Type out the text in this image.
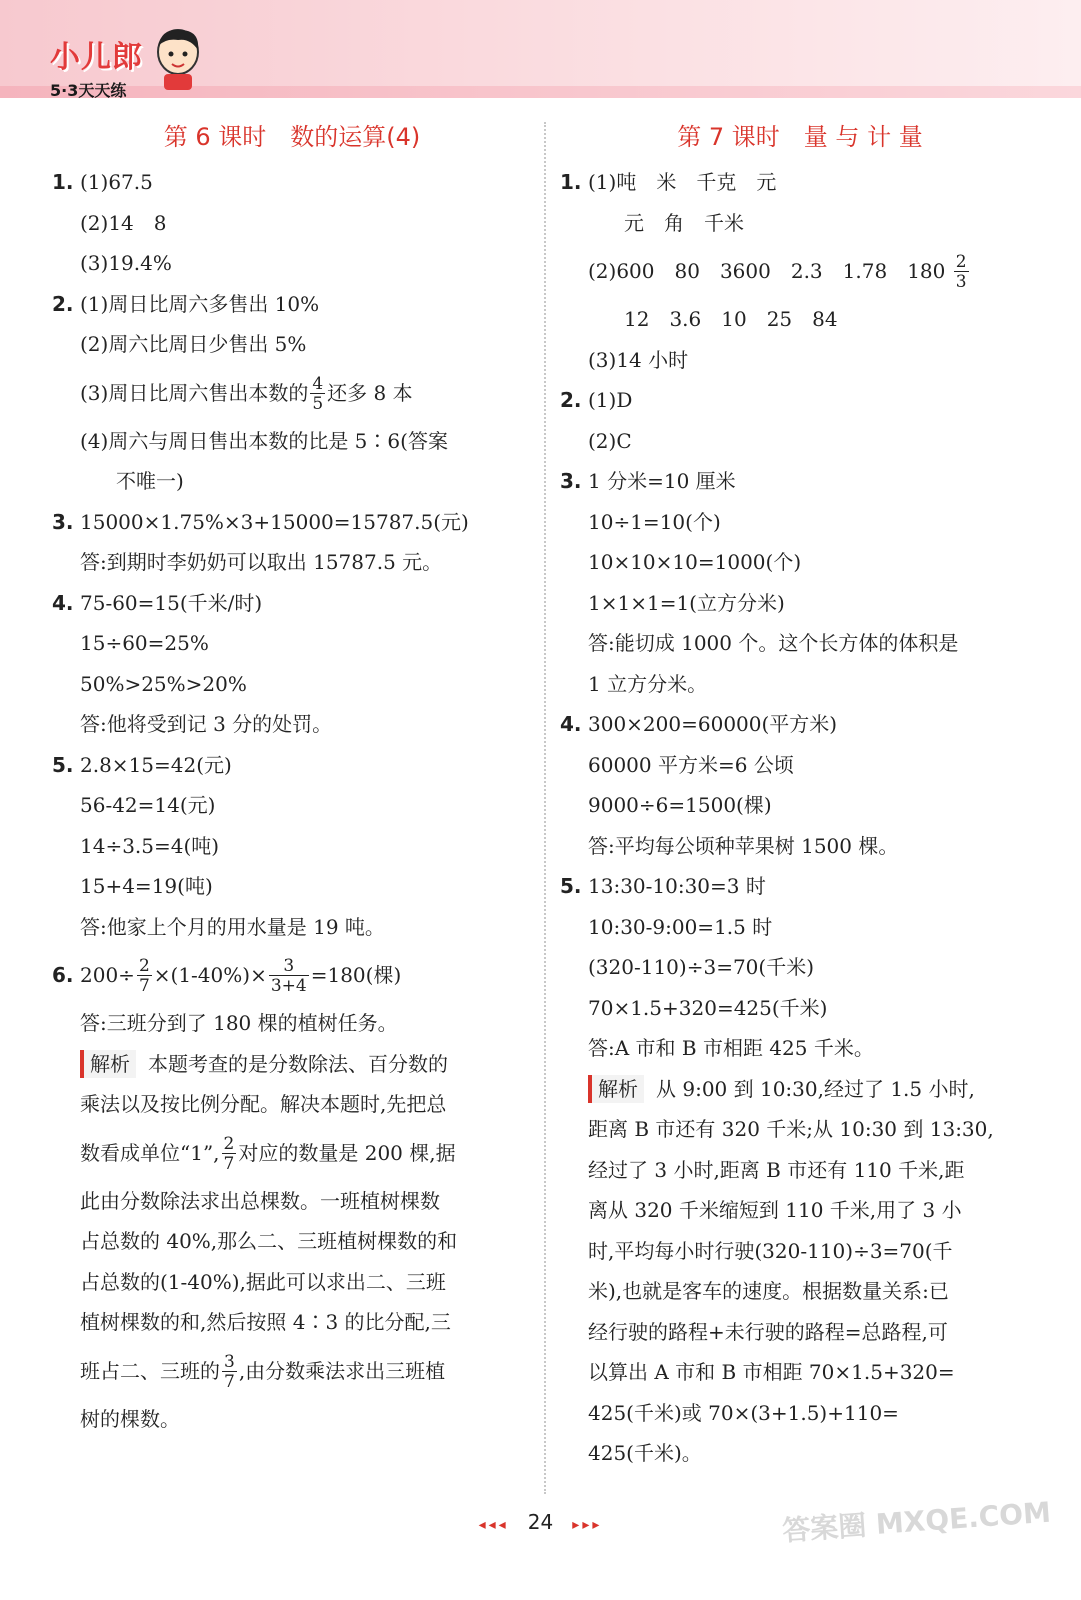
小儿郎
5·3天天练
第 6 课时　数的运算(4)
1. (1)67.5
(2)14　8
(3)19.4%
2. (1)周日比周六多售出 10%
(2)周六比周日少售出 5%
(3)周日比周六售出本数的 $\frac{4}{5}$ 还多 8 本
(4)周六与周日售出本数的比是 5∶6(答案
不唯一)
3. 15000×1.75%×3+15000=15787.5(元)
答:到期时李奶奶可以取出 15787.5 元。
4. 75-60=15(千米/时)
15÷60=25%
50%>25%>20%
答:他将受到记 3 分的处罚。
5. 2.8×15=42(元)
56-42=14(元)
14÷3.5=4(吨)
15+4=19(吨)
答:他家上个月的用水量是 19 吨。
6. $200\div \frac{2}{7} \times(1-40\%)\times \frac{3}{3+4} =180$(棵)
答:三班分到了 180 棵的植树任务。
解析 本题考查的是分数除法、百分数的
乘法以及按比例分配。解决本题时,先把总
数看成单位“1”, $\frac{2}{7}$ 对应的数量是 200 棵,据
此由分数除法求出总棵数。一班植树棵数
占总数的 40%,那么二、三班植树棵数的和
占总数的(1-40%),据此可以求出二、三班
植树棵数的和,然后按照 4∶3 的比分配,三
班占二、三班的 $\frac{3}{7}$ ,由分数乘法求出三班植
树的棵数。
第 7 课时　量 与 计 量
1. (1)吨　米　千克　元
元　角　千米
(2)600　80　3600　2.3　1.78　$180 \frac{2}{3}$
12　3.6　10　25　84
(3)14 小时
2. (1)D
(2)C
3. 1 分米=10 厘米
10÷1=10(个)
10×10×10=1000(个)
1×1×1=1(立方分米)
答:能切成 1000 个。这个长方体的体积是
1 立方分米。
4. 300×200=60000(平方米)
60000 平方米=6 公顷
9000÷6=1500(棵)
答:平均每公顷种苹果树 1500 棵。
5. 13:30-10:30=3 时
10:30-9:00=1.5 时
(320-110)÷3=70(千米)
70×1.5+320=425(千米)
答:A 市和 B 市相距 425 千米。
解析 从 9:00 到 10:30,经过了 1.5 小时,
距离 B 市还有 320 千米;从 10:30 到 13:30,
经过了 3 小时,距离 B 市还有 110 千米,距
离从 320 千米缩短到 110 千米,用了 3 小
时,平均每小时行驶(320-110)÷3=70(千
米),也就是客车的速度。根据数量关系:已
经行驶的路程+未行驶的路程=总路程,可
以算出 A 市和 B 市相距 70×1.5+320=
425(千米)或 70×(3+1.5)+110=
425(千米)。
◂◂◂ 24 ▸▸▸	答案圈 MXQE.COM
